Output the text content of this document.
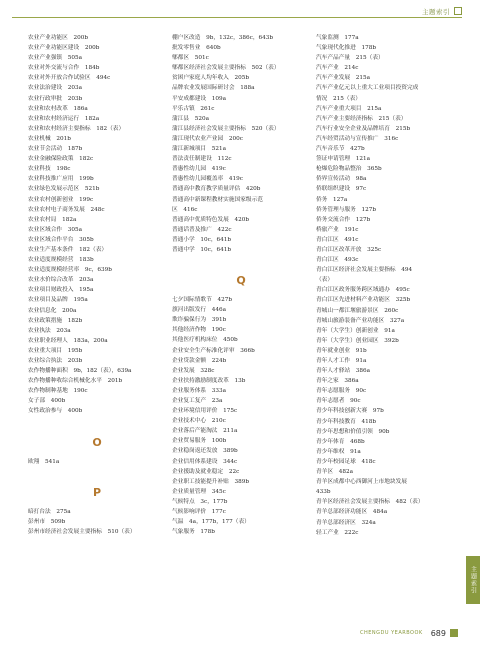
主题索引
农业产业功能区　200b
农业产业功能区建设　200b
农业产业强镇　505a
农业对外交流与合作　184b
农业对外开放合作试验区　494c
农业法治建设　203a
农业行政审批　203b
农业和农村改革　186a
农业和农村经济运行　182a
农业和农村经济主要指标　182（表）
农业机械　201b
农业节会活动　187b
农业金融保险政策　182c
农业科技　198c
农业科技推广应用　199b
农业绿色发展示范区　521b
农业农村创新创业　199c
农业农村电子商务发展　248c
农业农村局　182a
农业区域合作　305a
农业区域合作平台　305b
农业生产基本条件　182（表）
农业适度规模经营　183b
农业适度规模经营率　9c，639b
农业水价综合改革　203a
农业项目财政投入　195a
农业项目及品牌　195a
农业信息化　200a
农业政策措施　182b
农业执法　203a
农业职业经理人　183a，200a
农业重大项目　195b
农业综合执法　203b
农作物播种面积　9b，182（表），639a
农作物播种收综合机械化水平　201b
农作物制种基地　190c
女子部　400b
女性政治参与　400b
O
欧翔　541a
P
暗打台法　275a
彭州市　509b
彭州市经济社会发展主要指标　510（表）
棚户区改造　9b，132c，386c，643b
批发零售业　640b
郫都区　501c
郫都区经济社会发展主要指标　502（表）
贫困户家庭人均年收入　205b
品牌农业发展国际研讨会　188a
平安成都建设　109a
平乐古镇　261c
蒲江县　520a
蒲江县经济社会发展主要指标　520（表）
蒲江现代农业产业园　200c
蒲江新城项目　521a
普法责任制建设　112c
普惠性幼儿园　419c
普惠性幼儿园覆盖率　419c
普通高中教育教学质量评估　420b
普通高中新课程教材实施国家级示范
区　416c
普通高中优质特色发展　420b
普通话普及推广　422c
普通小学　10c，641b
普通中学　10c，641b
Q
七夕国际情歌节　427b
旗河出版发行　446a
欺诈骗保行为　391b
其他经济作物　190c
其他医疗机构床位　450b
企业安全生产标准化评审　366b
企业贷款金额　224b
企业发展　328c
企业扶持激励制度改革　13b
企业服务体系　333a
企业复工复产　23a
企业环境信用评价　175c
企业技术中心　210c
企业落后产能淘汰　211a
企业贸易服务　100b
企业稳岗返还发放　389b
企业信用体系建设　344c
企业援助及就业稳定　22c
企业职工技能提升补贴　389b
企业质量管理　345c
气候特点　3c，177b
气候影响评价　177c
气温　4a，177b，177（表）
气象服务　178b
气象监测　177a
气象现代化推进　178b
汽车产品产量　215（表）
汽车产业　214c
汽车产业发展　215a
汽车产业亿元以上重大工业项目投资完成
情况　215（表）
汽车产业重大项目　215a
汽车产业主要经济指标　215（表）
汽车行业安全企业及品牌培育　215b
汽车经贸活动与宣传推广　316c
汽车音乐节　427b
签证申请管理　121a
枪爆危险物品整治　365b
侨界宣传活动　98a
侨联组织建设　97c
侨务　127a
侨务管理与服务　127b
侨务交流合作　127b
桥旅产业　191c
青白江区　491c
青白江区改革开放　325c
青白江区　493c
青白江区经济社会发展主要指标　494
（表）
青白江区政务服务跨区域通办　495c
青白江区先进材料产业功能区　325b
青城山一都江堰旅游景区　260c
青城山旅游装备产业功能区　327a
青年（大学生）创新创业　91a
青年（大学生）创业园区　392b
青年就业创业　91b
青年人才工作　91a
青年人才驿站　386a
青年之家　386a
青年志愿服务　90c
青年志愿者　90c
青少年科技创新大赛　97b
青少年科技教育　418b
青少年思想和价值引领　90b
青少年体育　468b
青少年维权　91a
青少年校园足球　418c
青羊区　482a
青羊区成都中心西御河上市地块发展
433b
青羊区经济社会发展主要指标　482（表）
青羊总部经济功能区　484a
青羊总部经济区　324a
轻工产业　222c
主题索引
CHENGDU YEARBOOK 689
